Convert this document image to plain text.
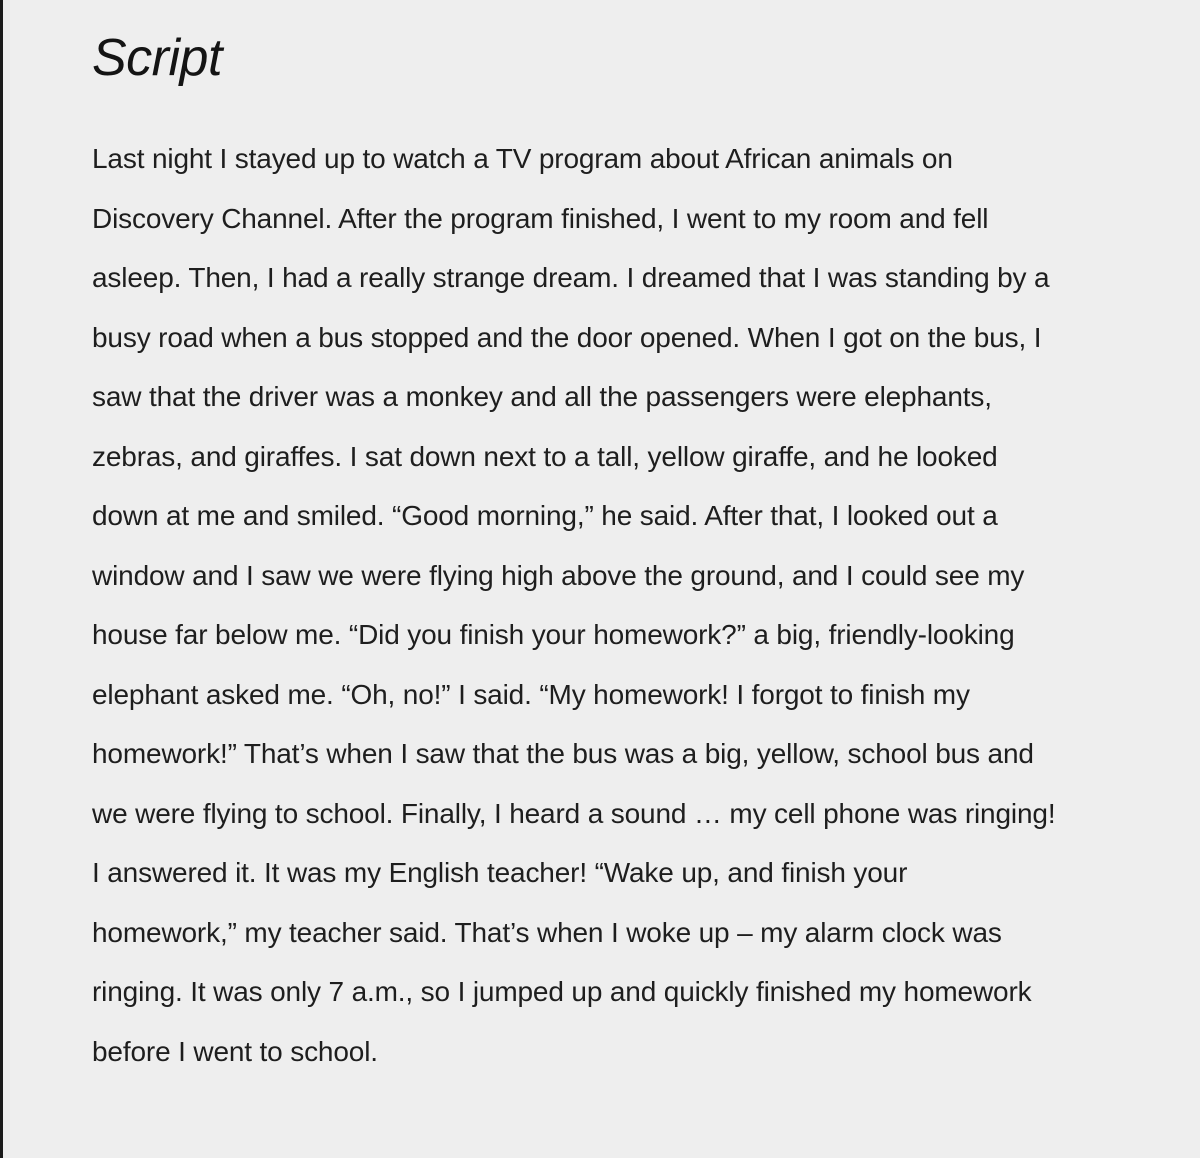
Script
Last night I stayed up to watch a TV program about African animals on
Discovery Channel. After the program finished, I went to my room and fell
asleep. Then, I had a really strange dream. I dreamed that I was standing by a
busy road when a bus stopped and the door opened. When I got on the bus, I
saw that the driver was a monkey and all the passengers were elephants,
zebras, and giraffes. I sat down next to a tall, yellow giraffe, and he looked
down at me and smiled. “Good morning,” he said. After that, I looked out a
window and I saw we were flying high above the ground, and I could see my
house far below me. “Did you finish your homework?” a big, friendly-looking
elephant asked me. “Oh, no!” I said. “My homework! I forgot to finish my
homework!” That’s when I saw that the bus was a big, yellow, school bus and
we were flying to school. Finally, I heard a sound … my cell phone was ringing!
I answered it. It was my English teacher! “Wake up, and finish your
homework,” my teacher said. That’s when I woke up – my alarm clock was
ringing. It was only 7 a.m., so I jumped up and quickly finished my homework
before I went to school.
